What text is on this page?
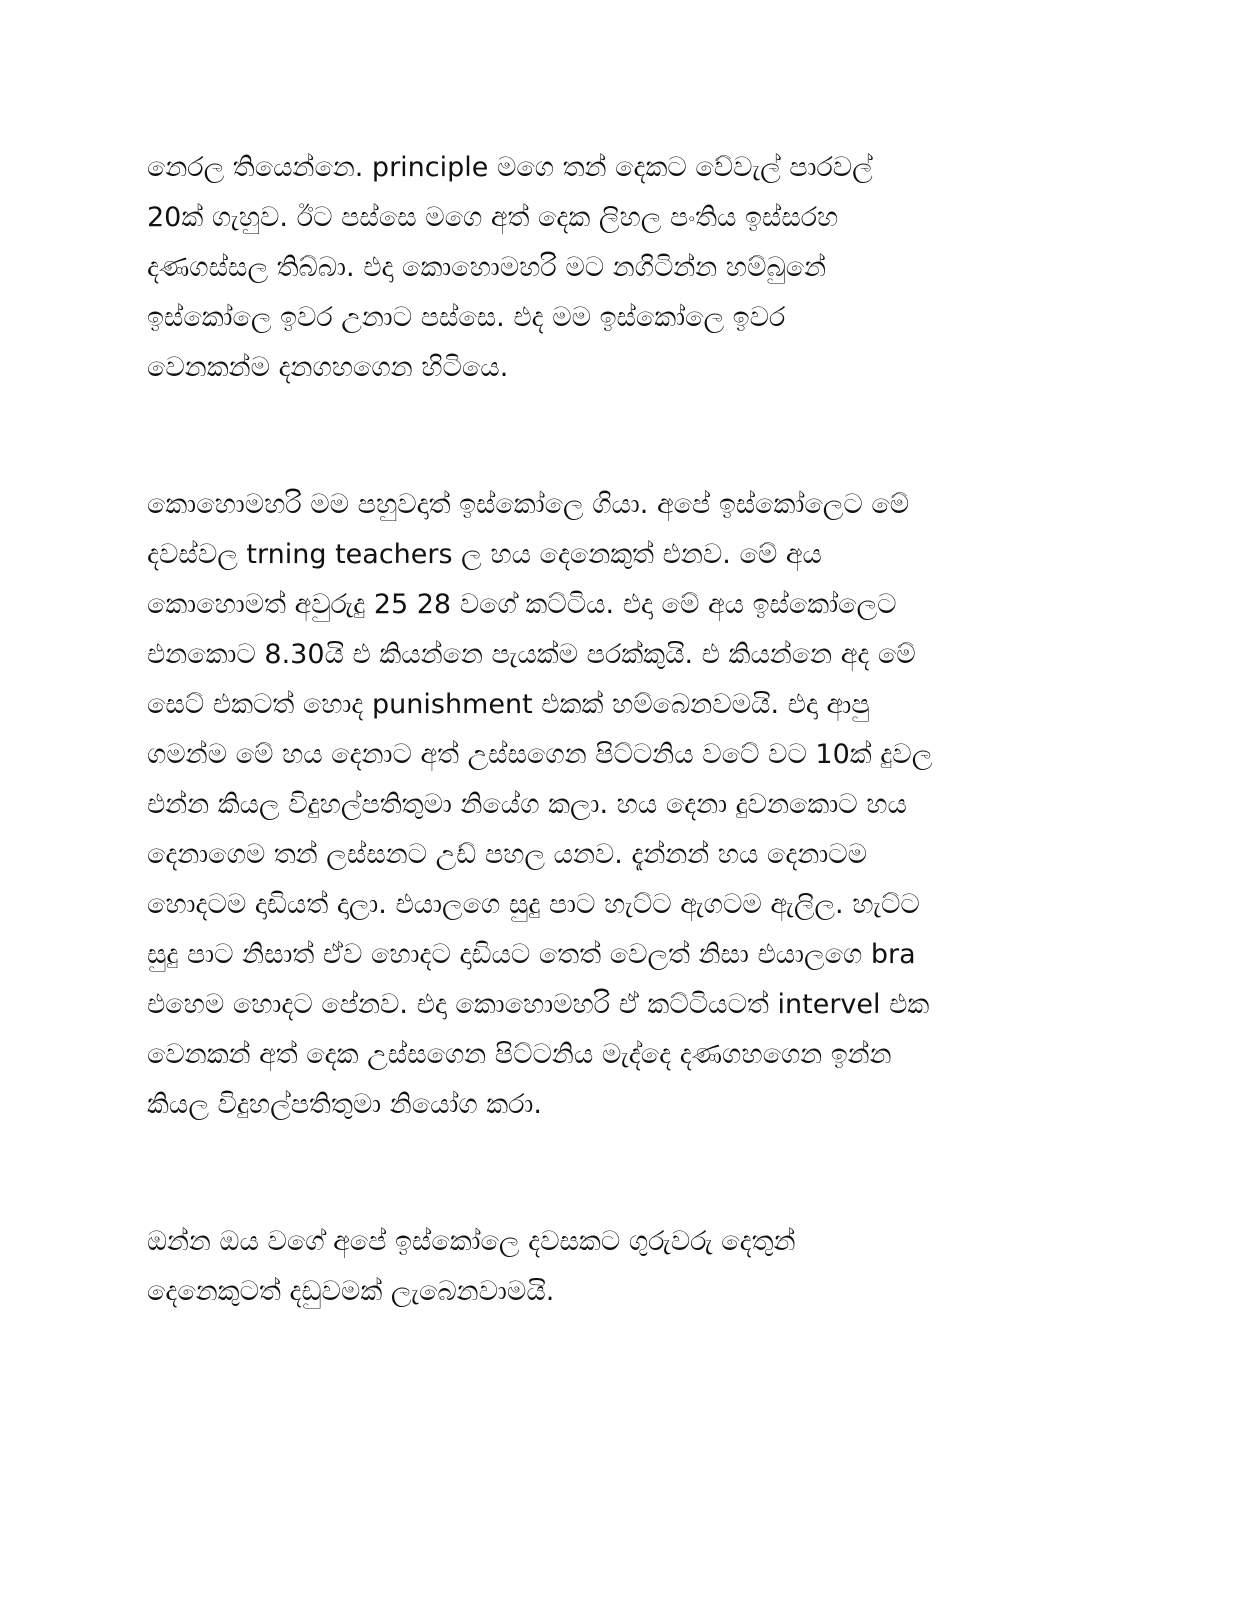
නෙරල තියෙන්නෙ. principle මගෙ තන් දෙකට වේවැල් පාරවල්
20ක් ගැහුව. ඊට පස්සෙ මගෙ අත් දෙක ලිහල පංතිය ඉස්සරහ
දණගස්සල තිබ්බා. එදා කොහොමහරි මට නගිටින්න හම්බුනේ
ඉස්කෝලෙ ඉවර උනාට පස්සෙ. එද මම ඉස්කෝලෙ ඉවර
වෙනකන්ම දනගහගෙන හිටියෙ.
කොහොමහරි මම පහුවදාත් ඉස්කෝලෙ ගියා. අපේ ඉස්කෝලෙට මේ
දවස්වල trning teachers ල හය දෙනෙකුත් එනව. මේ අය
කොහොමත් අවුරුදු 25 28 වගේ කට්ටිය. එදා මේ අය ඉස්කෝලෙට
එනකොට 8.30යි එ කියන්නෙ පැයක්ම පරක්කුයි. එ කියන්නෙ අද මේ
සෙට් එකටත් හොද punishment එකක් හම්බෙනවමයි. එදා ආපු
ගමන්ම මේ හය දෙනාට අත් උස්සගෙන පිට්ටනිය වටේ වට 10ක් දුවල
එන්න කියල විදුහල්පතිතුමා නියේග කලා. හය දෙනා දුවනකොට හය
දෙනාගෙම තන් ලස්සනට උඩ් පහල යනව. දැන්නන් හය දෙනාටම
හොදටම දාඩියත් දාලා. එයාලගෙ සුදු පාට හැට්ට ඇගටම ඇලිල. හැට්ට
සුදු පාට නිසාත් ඒව හොදට දාඩියට තෙත් වෙලත් නිසා එයාලගෙ bra
එහෙම හොදට පේනව. එදා කොහොමහරි ඒ කට්ටියටත් intervel එක
වෙනකන් අත් දෙක උස්සගෙන පිට්ටනිය මැද්දෙ දණගහගෙන ඉන්න
කියල විදුහල්පතිතුමා නියෝග කරා.
ඔන්න ඔය වගේ අපේ ඉස්කෝලෙ දවසකට ගුරුවරු දෙතුන්
දෙනෙකුටත් දඩුවමක් ලැබෙනවාමයි.
